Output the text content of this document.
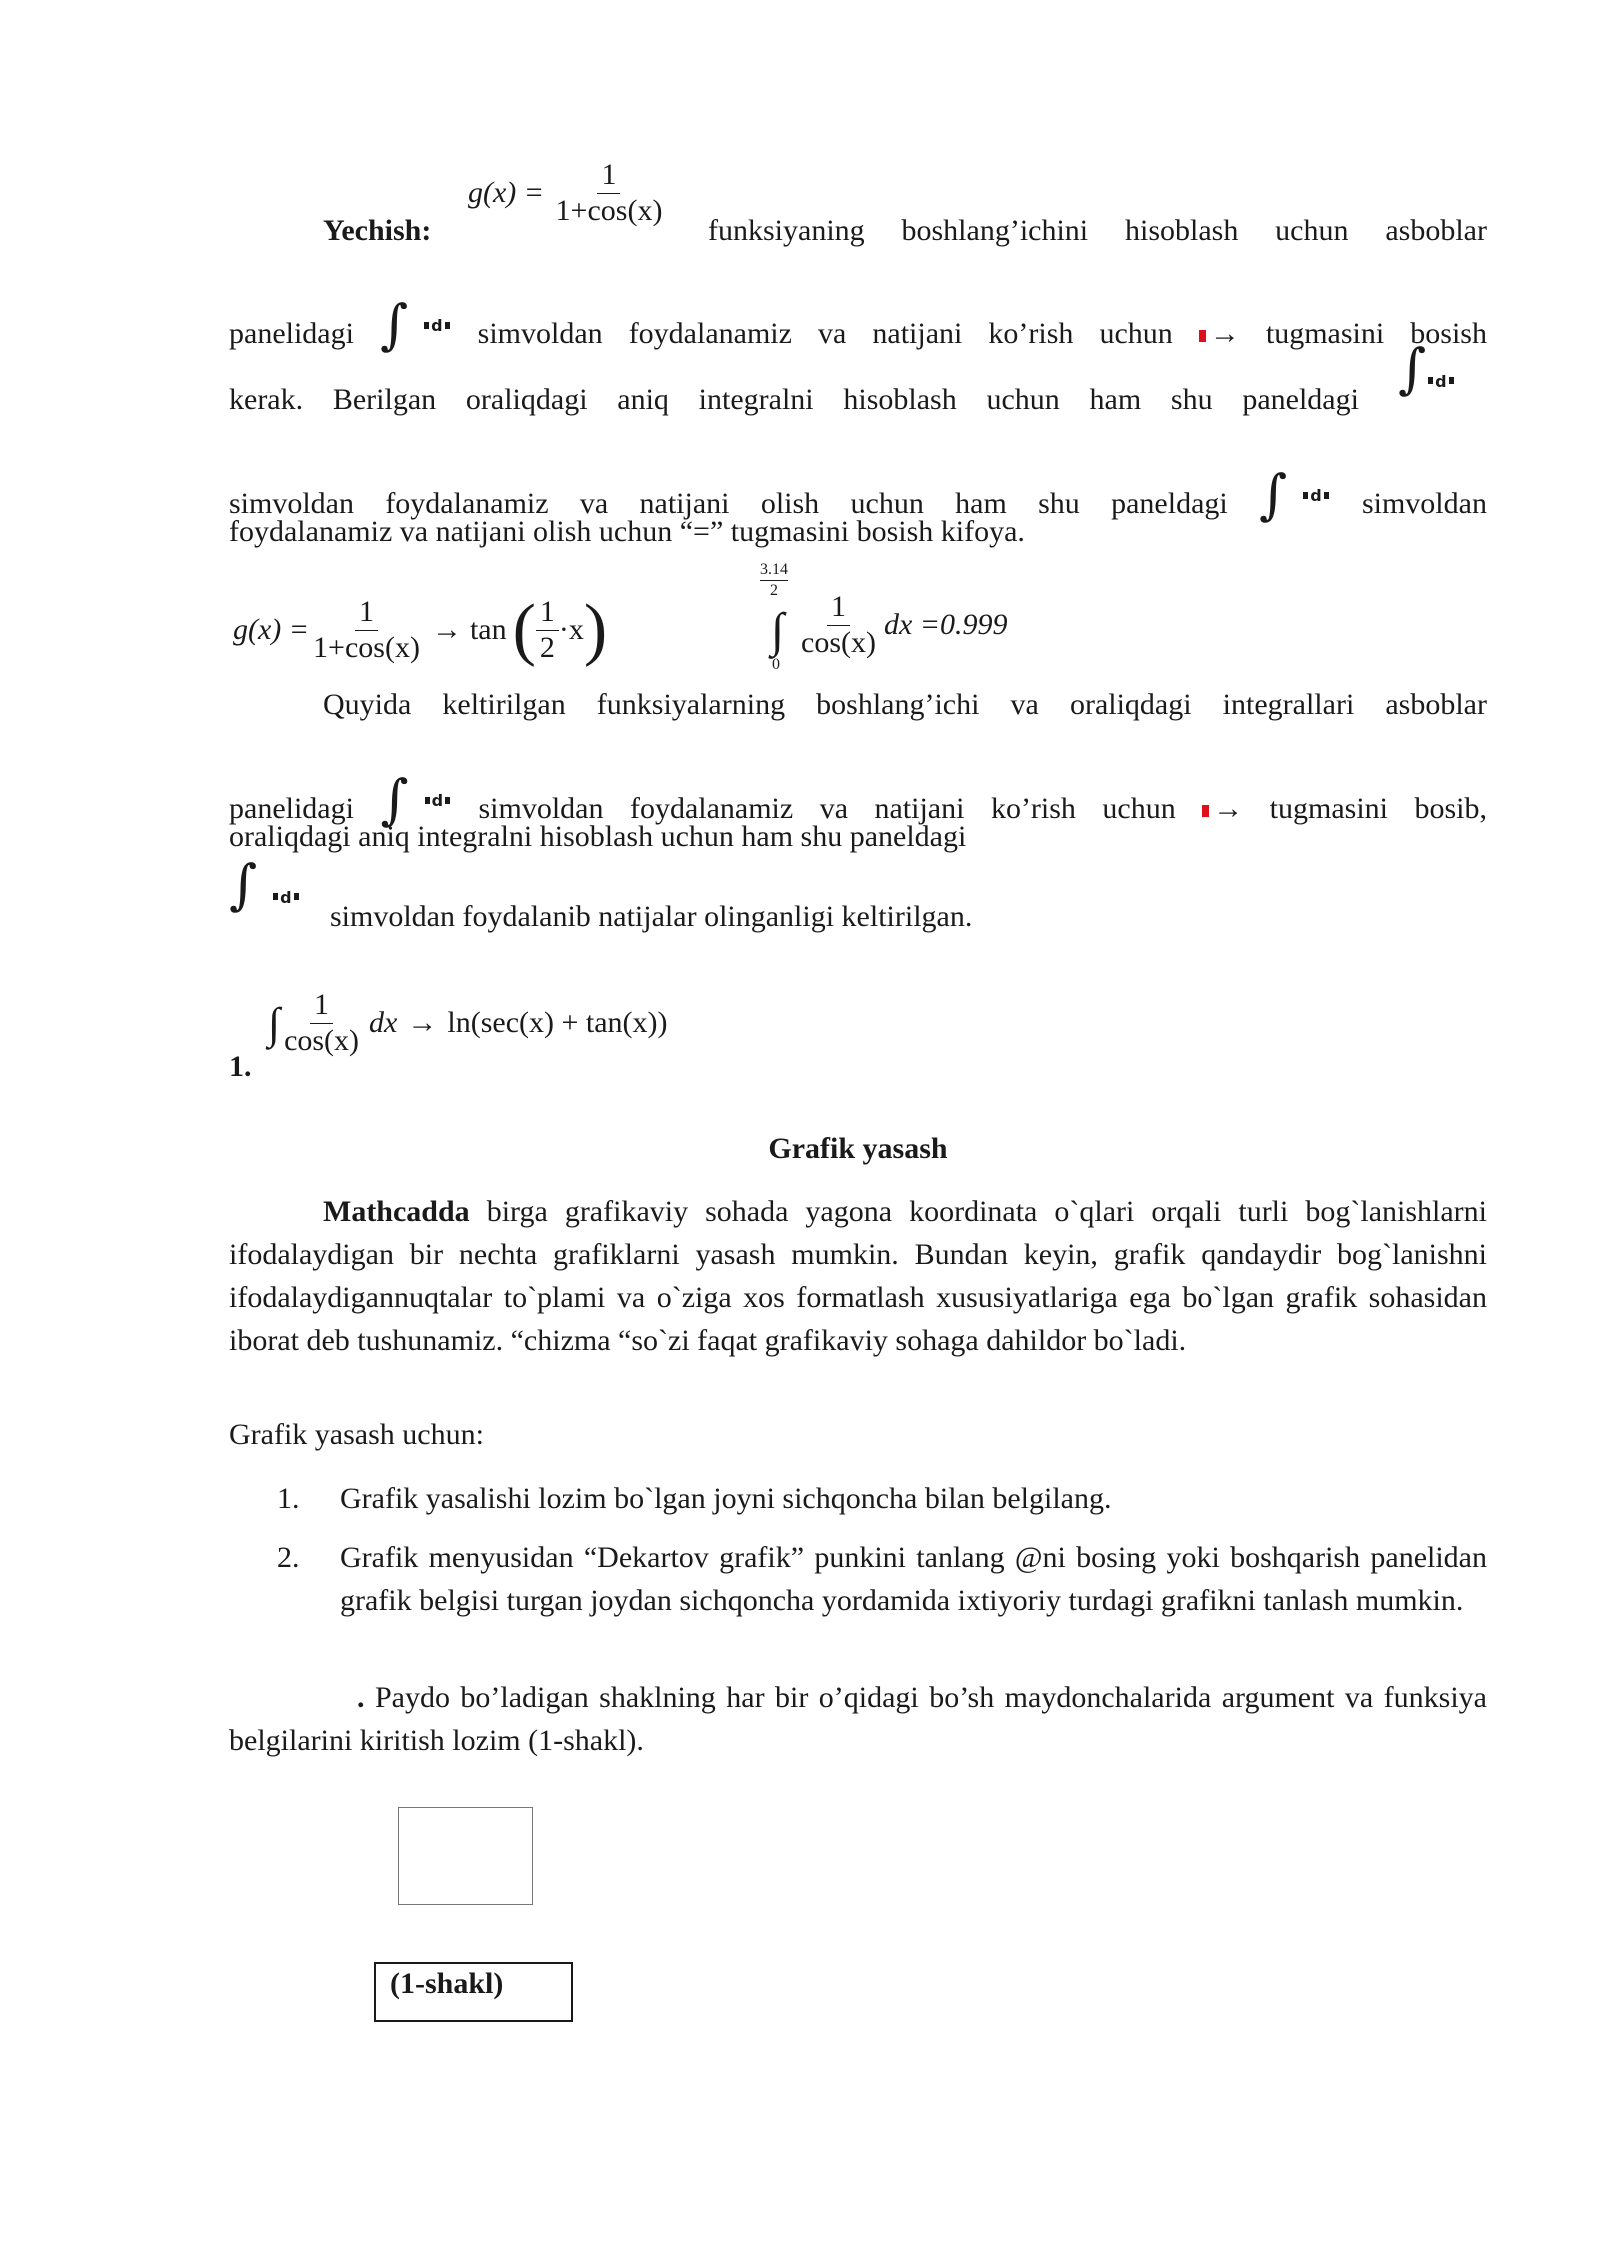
$g(x) = \frac{1}{1+\cos(x)}$
Yechish:	funksiyaning boshlang’ichini hisoblash uchun asboblar
panelidagi ∫ d simvoldan foydalanamiz va natijani ko’rish uchun	→ tugmasini bosish
kerak. Berilgan oraliqdagi aniq integralni hisoblash uchun ham shu paneldagi ∫ d
simvoldan foydalanamiz va natijani olish uchun ham shu paneldagi ∫ d simvoldan
foydalanamiz va natijani olish uchun “=” tugmasini bosish kifoya.
$g(x) = \frac{1}{1+\cos(x)} \to \tan$ ( $\frac{1}{2} \cdot x$ )
3.14
2
∫
0
$\frac{1}{\cos(x)}$ dx =0.999
Quyida keltirilgan funksiyalarning boshlang’ichi va oraliqdagi integrallari asboblar
panelidagi ∫ d simvoldan foydalanamiz va natijani ko’rish uchun	→ tugmasini bosib,
oraliqdagi aniq integralni hisoblash uchun ham shu paneldagi
∫ d
simvoldan foydalanib natijalar olinganligi keltirilgan.
1.
∫ $\frac{1}{\cos(x)}$ dx → ln(sec(x) + tan(x))
Grafik yasash
Mathcadda birga grafikaviy sohada yagona koordinata o`qlari orqali turli bog`lanishlarni ifodalaydigan bir nechta grafiklarni yasash mumkin. Bundan keyin, grafik qandaydir bog`lanishni ifodalaydigannuqtalar to`plami va o`ziga xos formatlash xususiyatlariga ega bo`lgan grafik sohasidan iborat deb tushunamiz. “chizma “so`zi faqat grafikaviy sohaga dahildor bo`ladi.
Grafik yasash uchun:
1. Grafik yasalishi lozim bo`lgan joyni sichqoncha bilan belgilang.
2. Grafik menyusidan “Dekartov grafik” punkini tanlang @ni bosing yoki boshqarish panelidan grafik belgisi turgan joydan sichqoncha yordamida ixtiyoriy turdagi grafikni tanlash mumkin.
. Paydo bo’ladigan shaklning har bir o’qidagi bo’sh maydonchalarida argument va funksiya belgilarini kiritish lozim (1-shakl).
(1-shakl)
